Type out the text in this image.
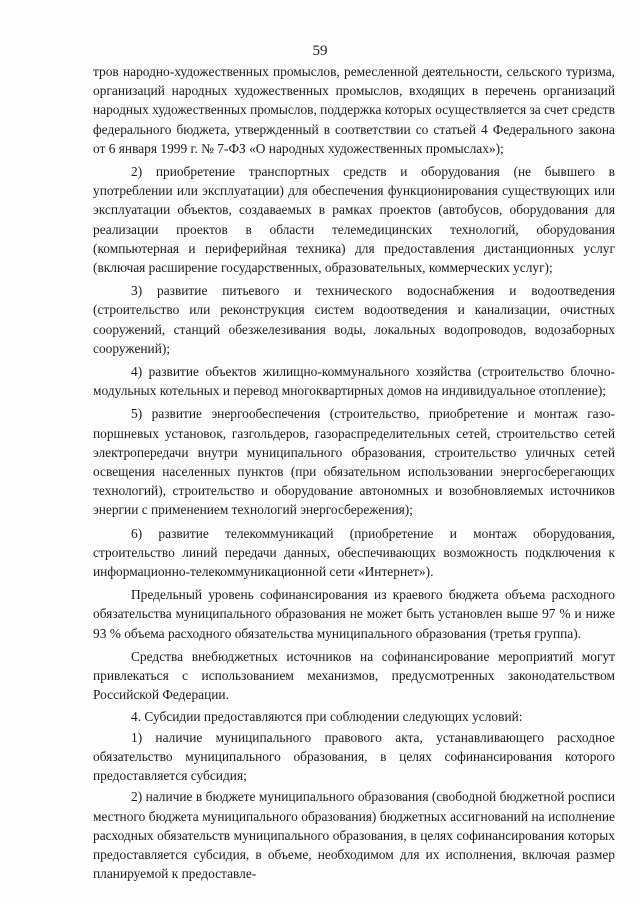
59

тров народно-художественных промыслов, ремесленной деятельности, сельского туризма, организаций народных художественных промыслов, входящих в перечень организаций народных художественных промыслов, поддержка которых осуществляется за счет средств федерального бюджета, утвержденный в соответствии со статьей 4 Федерального закона от 6 января 1999 г. № 7-ФЗ «О народных художественных промыслах»);

2) приобретение транспортных средств и оборудования (не бывшего в употреблении или эксплуатации) для обеспечения функционирования существующих или эксплуатации объектов, создаваемых в рамках проектов (автобусов, оборудования для реализации проектов в области телемедицинских технологий, оборудования (компьютерная и периферийная техника) для предоставления дистанционных услуг (включая расширение государственных, образовательных, коммерческих услуг);

3) развитие питьевого и технического водоснабжения и водоотведения (строительство или реконструкция систем водоотведения и канализации, очистных сооружений, станций обезжелезивания воды, локальных водопроводов, водозаборных сооружений);

4) развитие объектов жилищно-коммунального хозяйства (строительство блочно-модульных котельных и перевод многоквартирных домов на индивидуальное отопление);

5) развитие энергообеспечения (строительство, приобретение и монтаж газо-поршневых установок, газгольдеров, газораспределительных сетей, строительство сетей электропередачи внутри муниципального образования, строительство уличных сетей освещения населенных пунктов (при обязательном использовании энергосберегающих технологий), строительство и оборудование автономных и возобновляемых источников энергии с применением технологий энергосбережения);

6) развитие телекоммуникаций (приобретение и монтаж оборудования, строительство линий передачи данных, обеспечивающих возможность подключения к информационно-телекоммуникационной сети «Интернет»).

Предельный уровень софинансирования из краевого бюджета объема расходного обязательства муниципального образования не может быть установлен выше 97 % и ниже 93 % объема расходного обязательства муниципального образования (третья группа).

Средства внебюджетных источников на софинансирование мероприятий могут привлекаться с использованием механизмов, предусмотренных законодательством Российской Федерации.

4. Субсидии предоставляются при соблюдении следующих условий:

1) наличие муниципального правового акта, устанавливающего расходное обязательство муниципального образования, в целях софинансирования которого предоставляется субсидия;

2) наличие в бюджете муниципального образования (свободной бюджетной росписи местного бюджета муниципального образования) бюджетных ассигнований на исполнение расходных обязательств муниципального образования, в целях софинансирования которых предоставляется субсидия, в объеме, необходимом для их исполнения, включая размер планируемой к предоставле-
